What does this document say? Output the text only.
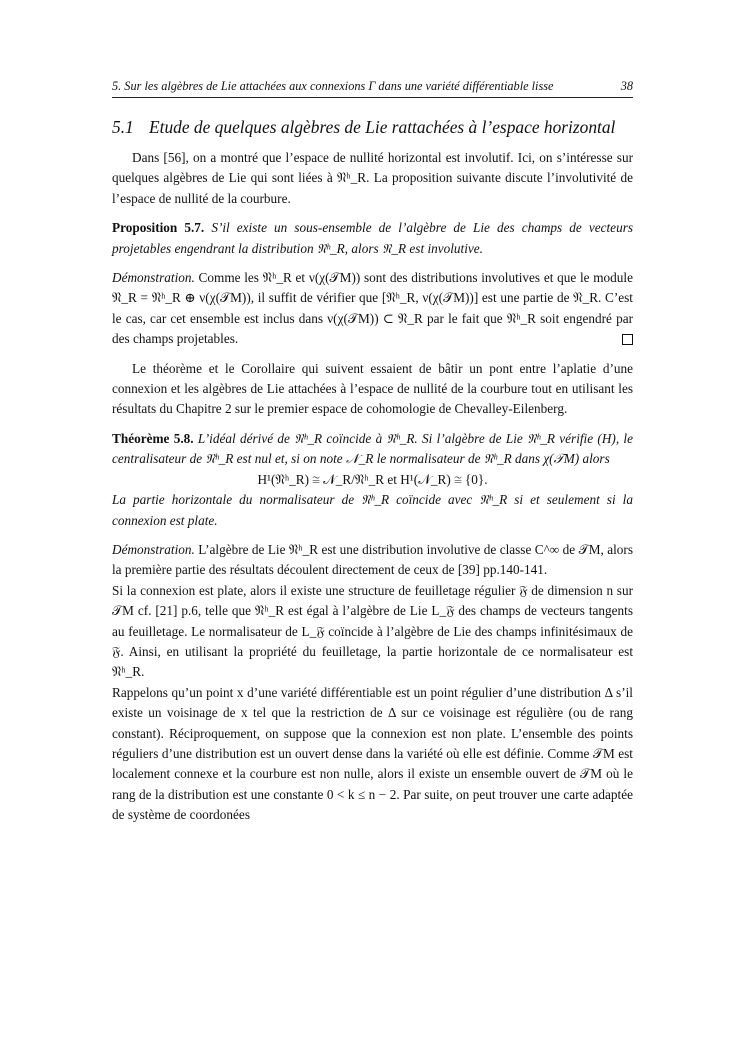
5. Sur les algèbres de Lie attachées aux connexions Γ dans une variété différentiable lisse	38
5.1 Etude de quelques algèbres de Lie rattachées à l’espace horizontal

Dans [56], on a montré que l’espace de nullité horizontal est involutif. Ici, on s’intéresse sur quelques algèbres de Lie qui sont liées à 𝔑ʰ_R. La proposition suivante discute l’involutivité de l’espace de nullité de la courbure.

Proposition 5.7. S’il existe un sous-ensemble de l’algèbre de Lie des champs de vecteurs projetables engendrant la distribution 𝔑ʰ_R, alors 𝔑_R est involutive.

Démonstration. Comme les 𝔑ʰ_R et ν(χ(𝒯M)) sont des distributions involutives et que le module 𝔑_R = 𝔑ʰ_R ⊕ ν(χ(𝒯M)), il suffit de vérifier que [𝔑ʰ_R, ν(χ(𝒯M))] est une partie de 𝔑_R. C’est le cas, car cet ensemble est inclus dans ν(χ(𝒯M)) ⊂ 𝔑_R par le fait que 𝔑ʰ_R soit engendré par des champs projetables.

Le théorème et le Corollaire qui suivent essaient de bâtir un pont entre l’aplatie d’une connexion et les algèbres de Lie attachées à l’espace de nullité de la courbure tout en utilisant les résultats du Chapitre 2 sur le premier espace de cohomologie de Chevalley-Eilenberg.

Théorème 5.8. L’idéal dérivé de 𝔑ʰ_R coïncide à 𝔑ʰ_R. Si l’algèbre de Lie 𝔑ʰ_R vérifie (H), le centralisateur de 𝔑ʰ_R est nul et, si on note 𝒩_R le normalisateur de 𝔑ʰ_R dans χ(𝒯M) alors

H¹(𝔑ʰ_R) ≅ 𝒩_R/𝔑ʰ_R et H¹(𝒩_R) ≅ {0}.

La partie horizontale du normalisateur de 𝔑ʰ_R coïncide avec 𝔑ʰ_R si et seulement si la connexion est plate.

Démonstration. L’algèbre de Lie 𝔑ʰ_R est une distribution involutive de classe C^∞ de 𝒯M, alors la première partie des résultats découlent directement de ceux de [39] pp.140-141.

Si la connexion est plate, alors il existe une structure de feuilletage régulier 𝔉 de dimension n sur 𝒯M cf. [21] p.6, telle que 𝔑ʰ_R est égal à l’algèbre de Lie L_𝔉 des champs de vecteurs tangents au feuilletage. Le normalisateur de L_𝔉 coïncide à l’algèbre de Lie des champs infinitésimaux de 𝔉. Ainsi, en utilisant la propriété du feuilletage, la partie horizontale de ce normalisateur est 𝔑ʰ_R.

Rappelons qu’un point x d’une variété différentiable est un point régulier d’une distribution Δ s’il existe un voisinage de x tel que la restriction de Δ sur ce voisinage est régulière (ou de rang constant). Réciproquement, on suppose que la connexion est non plate. L’ensemble des points réguliers d’une distribution est un ouvert dense dans la variété où elle est définie. Comme 𝒯M est localement connexe et la courbure est non nulle, alors il existe un ensemble ouvert de 𝒯M où le rang de la distribution est une constante 0 < k ≤ n − 2. Par suite, on peut trouver une carte adaptée de système de coordonées
